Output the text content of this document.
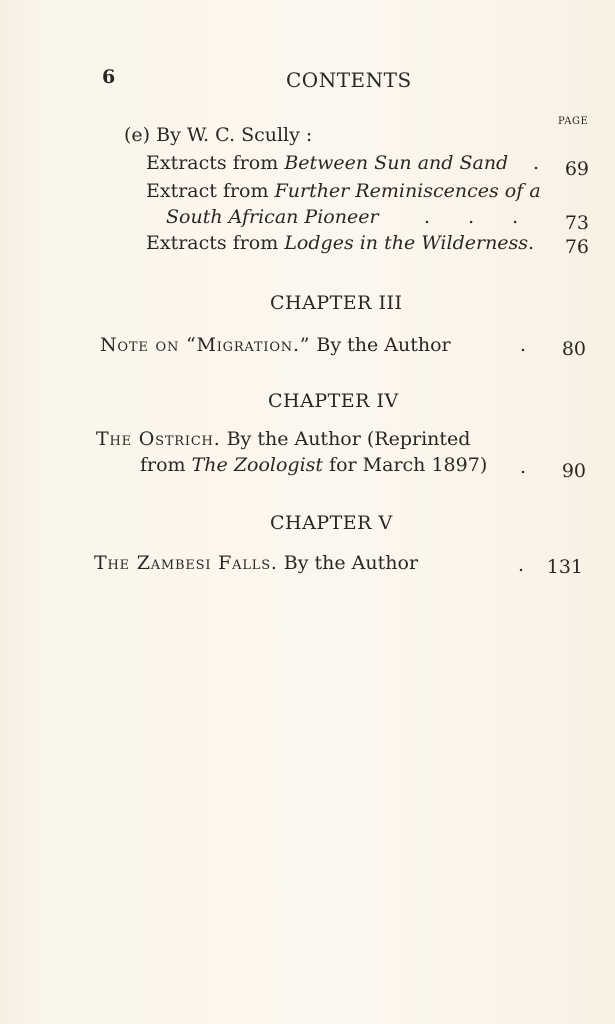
6	CONTENTS
PAGE
(e) By W. C. Scully :
Extracts from Between Sun and Sand .	69
Extract from Further Reminiscences of a
South African Pioneer . . .	73
Extracts from Lodges in the Wilderness .	76
CHAPTER III
Note on “Migration.” By the Author	.	80
CHAPTER IV
The Ostrich. By the Author (Reprinted
from The Zoologist for March 1897) .	90
CHAPTER V
The Zambesi Falls. By the Author	.	131
